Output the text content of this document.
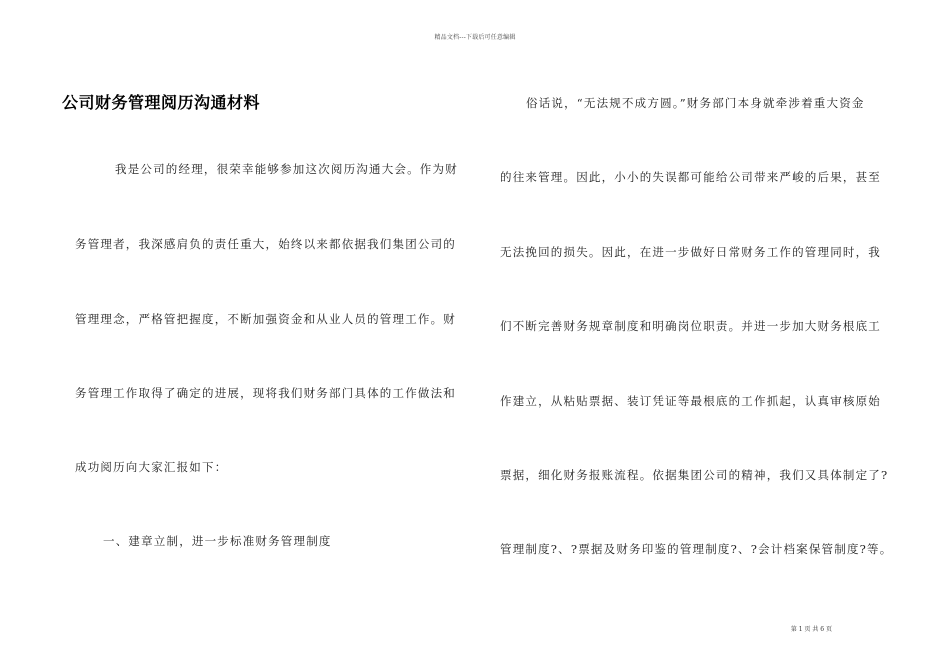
精品文档---下载后可任意编辑
公司财务管理阅历沟通材料
我是公司的经理，很荣幸能够参加这次阅历沟通大会。作为财
务管理者，我深感肩负的责任重大，始终以来都依据我们集团公司的
管理理念，严格管把握度，不断加强资金和从业人员的管理工作。财
务管理工作取得了确定的进展，现将我们财务部门具体的工作做法和
成功阅历向大家汇报如下：
一、建章立制，进一步标准财务管理制度
俗话说，“无法规不成方圆。”财务部门本身就牵涉着重大资金
的往来管理。因此，小小的失误都可能给公司带来严峻的后果，甚至
无法挽回的损失。因此，在进一步做好日常财务工作的管理同时，我
们不断完善财务规章制度和明确岗位职责。并进一步加大财务根底工
作建立，从粘贴票据、装订凭证等最根底的工作抓起，认真审核原始
票据，细化财务报账流程。依据集团公司的精神，我们又具体制定了?
管理制度?、?票据及财务印鉴的管理制度?、?会计档案保管制度?等。
第 1 页 共 6 页
